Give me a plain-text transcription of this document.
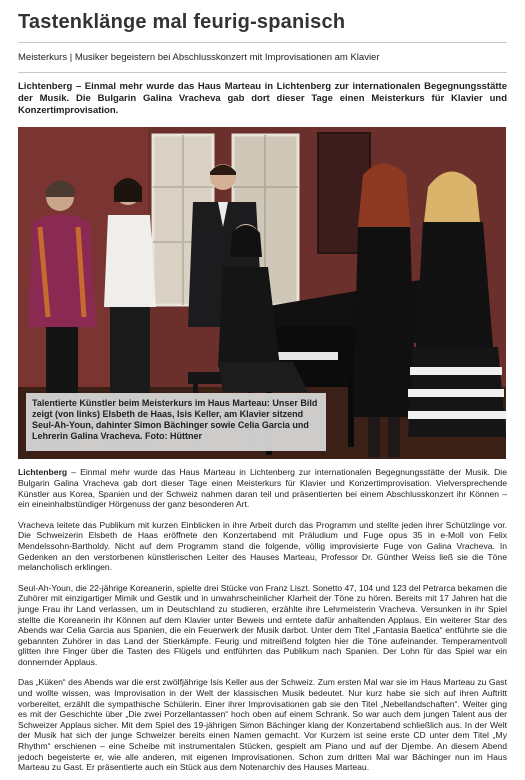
Tastenklänge mal feurig-spanisch
Meisterkurs | Musiker begeistern bei Abschlusskonzert mit Improvisationen am Klavier

Lichtenberg – Einmal mehr wurde das Haus Marteau in Lichtenberg zur internationalen Begegnungsstätte der Musik. Die Bulgarin Galina Vracheva gab dort dieser Tage einen Meisterkurs für Klavier und Konzertimprovisation.

Talentierte Künstler beim Meisterkurs im Haus Marteau: Unser Bild zeigt (von links) Elsbeth de Haas, Isis Keller, am Klavier sitzend Seul-Ah-Youn, dahinter Simon Bächinger sowie Celia Garcia und Lehrerin Galina Vracheva. Foto: Hüttner

Lichtenberg – Einmal mehr wurde das Haus Marteau in Lichtenberg zur internationalen Begegnungsstätte der Musik. Die Bulgarin Galina Vracheva gab dort dieser Tage einen Meisterkurs für Klavier und Konzertimprovisation. Vielversprechende Künstler aus Korea, Spanien und der Schweiz nahmen daran teil und präsentierten bei einem Abschlusskonzert ihr Können – ein eineinhalbstündiger Hörgenuss der ganz besonderen Art.

Vracheva leitete das Publikum mit kurzen Einblicken in ihre Arbeit durch das Programm und stellte jeden ihrer Schützlinge vor. Die Schweizerin Elsbeth de Haas eröffnete den Konzertabend mit Präludium und Fuge opus 35 in e-Moll von Felix Mendelssohn-Bartholdy. Nicht auf dem Programm stand die folgende, völlig improvisierte Fuge von Galina Vracheva. In Gedenken an den verstorbenen künstlerischen Leiter des Hauses Marteau, Professor Dr. Günther Weiss ließ sie die Töne melancholisch erklingen.

Seul-Ah-Youn, die 22-jährige Koreanerin, spielte drei Stücke von Franz Liszt. Sonetto 47, 104 und 123 del Petrarca bekamen die Zuhörer mit einzigartiger Mimik und Gestik und in unwahrscheinlicher Klarheit der Töne zu hören. Bereits mit 17 Jahren hat die junge Frau ihr Land verlassen, um in Deutschland zu studieren, erzählte ihre Lehrmeisterin Vracheva. Versunken in ihr Spiel stellte die Koreanerin ihr Können auf dem Klavier unter Beweis und erntete dafür anhaltenden Applaus. Ein weiterer Star des Abends war Celia Garcia aus Spanien, die ein Feuerwerk der Musik darbot. Unter dem Titel „Fantasia Baetica“ entführte sie die gebannten Zuhörer in das Land der Stierkämpfe. Feurig und mitreißend folgten hier die Töne aufeinander. Temperamentvoll glitten ihre Finger über die Tasten des Flügels und entführten das Publikum nach Spanien. Der Lohn für das Spiel war ein donnernder Applaus.

Das „Küken“ des Abends war die erst zwölfjährige Isis Keller aus der Schweiz. Zum ersten Mal war sie im Haus Marteau zu Gast und wollte wissen, was Improvisation in der Welt der klassischen Musik bedeutet. Nur kurz habe sie sich auf ihren Auftritt vorbereitet, erzählt die sympathische Schülerin. Einer ihrer Improvisationen gab sie den Titel „Nebellandschaften“. Weiter ging es mit der Geschichte über „Die zwei Porzellantassen“ hoch oben auf einem Schrank. So war auch dem jungen Talent aus der Schweizer Applaus sicher. Mit dem Spiel des 19-jährigen Simon Bächinger klang der Konzertabend schließlich aus. In der Welt der Musik hat sich der junge Schweizer bereits einen Namen gemacht. Vor Kurzem ist seine erste CD unter dem Titel „My Rhythm“ erschienen – eine Scheibe mit instrumentalen Stücken, gespielt am Piano und auf der Djembe. An diesem Abend jedoch begeisterte er, wie alle anderen, mit eigenen Improvisationen. Schon zum dritten Mal war Bächinger nun im Haus Marteau zu Gast. Er präsentierte auch ein Stück aus dem Notenarchiv des Hauses Marteau.
